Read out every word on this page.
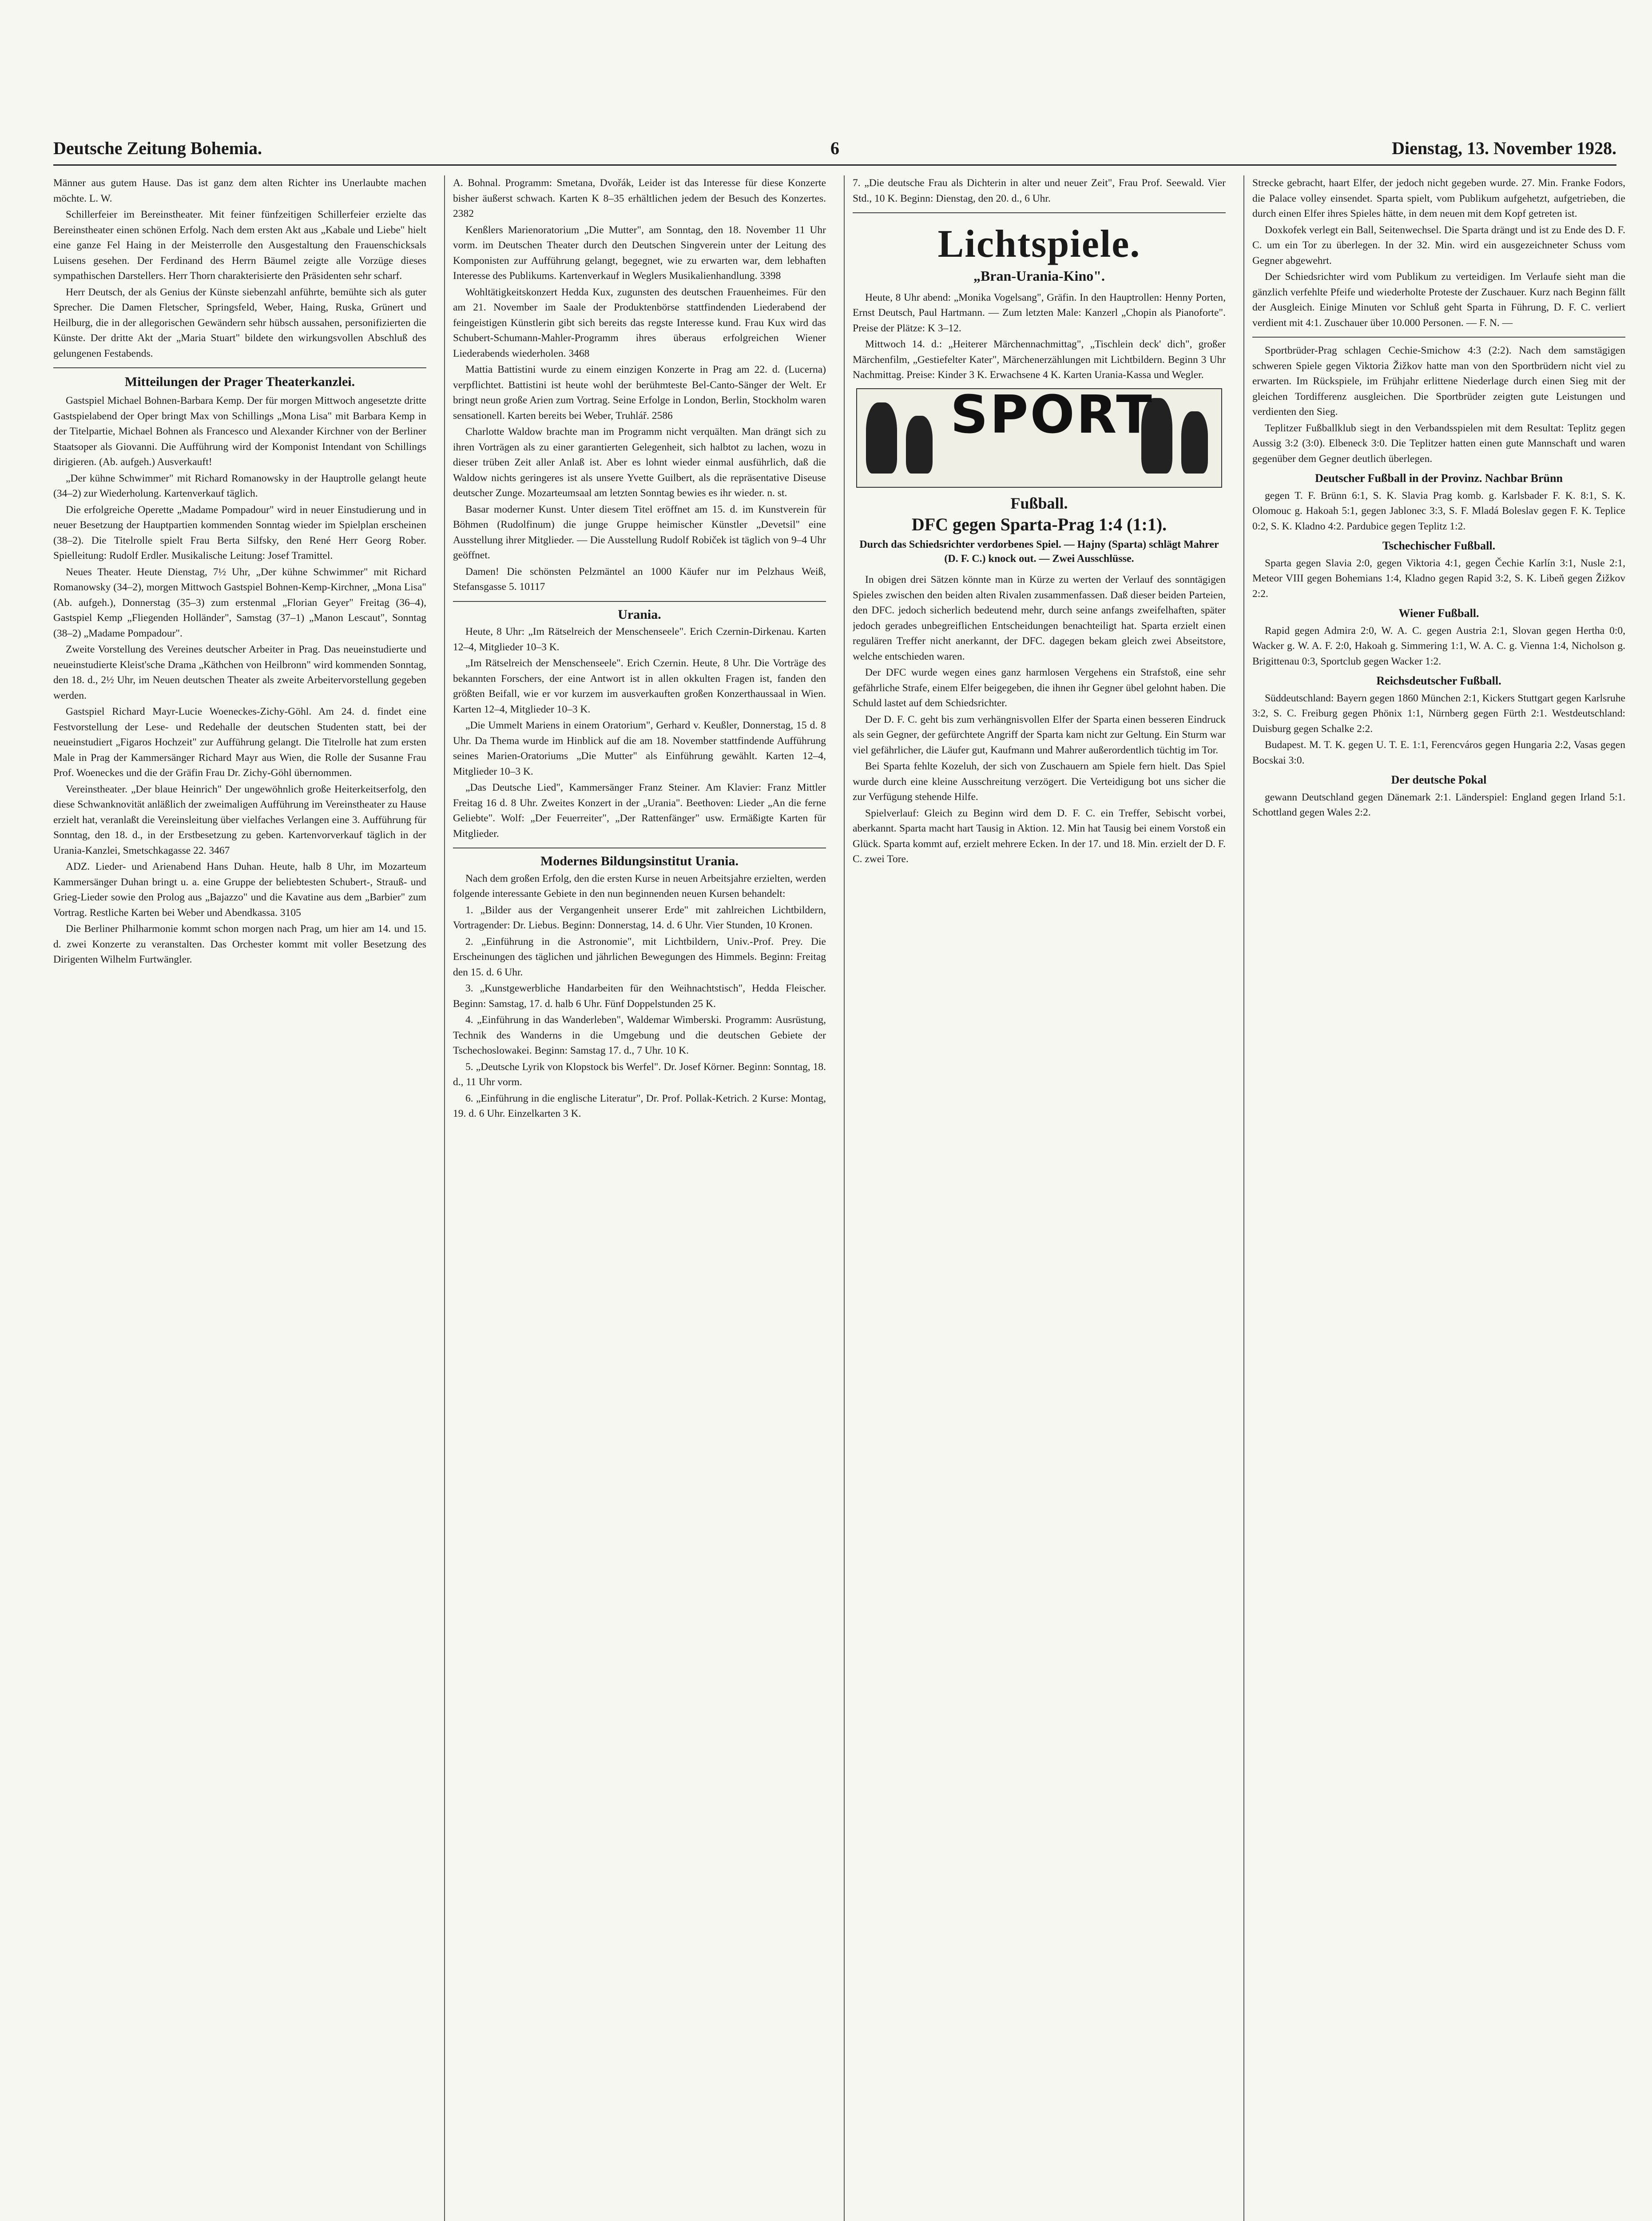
Deutsche Zeitung Bohemia.	6	Dienstag, 13. November 1928.

Männer aus gutem Hause. Das ist ganz dem alten Richter ins Unerlaubte machen möchte. L. W.

Schillerfeier im Bereinstheater. Mit feiner fünfzeitigen Schillerfeier erzielte das Bereinstheater einen schönen Erfolg. Nach dem ersten Akt aus „Kabale und Liebe" hielt eine ganze Fel Haing in der Meisterrolle den Ausgestaltung den Frauenschicksals Luisens gesehen. Der Ferdinand des Herrn Bäumel zeigte alle Vorzüge dieses sympathischen Darstellers. Herr Thorn charakterisierte den Präsidenten sehr scharf.

Herr Deutsch, der als Genius der Künste siebenzahl anführte, bemühte sich als guter Sprecher. Die Damen Fletscher, Springsfeld, Weber, Haing, Ruska, Grünert und Heilburg, die in der allegorischen Gewändern sehr hübsch aussahen, personifizierten die Künste. Der dritte Akt der „Maria Stuart" bildete den wirkungsvollen Abschluß des gelungenen Festabends.

Mitteilungen der Prager Theaterkanzlei.

Gastspiel Michael Bohnen-Barbara Kemp. Der für morgen Mittwoch angesetzte dritte Gastspielabend der Oper bringt Max von Schillings „Mona Lisa" mit Barbara Kemp in der Titelpartie, Michael Bohnen als Francesco und Alexander Kirchner von der Berliner Staatsoper als Giovanni. Die Aufführung wird der Komponist Intendant von Schillings dirigieren. (Ab. aufgeh.) Ausverkauft!

„Der kühne Schwimmer" mit Richard Romanowsky in der Hauptrolle gelangt heute (34–2) zur Wiederholung. Kartenverkauf täglich.

Die erfolgreiche Operette „Madame Pompadour" wird in neuer Einstudierung und in neuer Besetzung der Hauptpartien kommenden Sonntag wieder im Spielplan erscheinen (38–2). Die Titelrolle spielt Frau Berta Silfsky, den René Herr Georg Rober. Spielleitung: Rudolf Erdler. Musikalische Leitung: Josef Tramittel.

Neues Theater. Heute Dienstag, 7½ Uhr, „Der kühne Schwimmer" mit Richard Romanowsky (34–2), morgen Mittwoch Gastspiel Bohnen-Kemp-Kirchner, „Mona Lisa" (Ab. aufgeh.), Donnerstag (35–3) zum erstenmal „Florian Geyer" Freitag (36–4), Gastspiel Kemp „Fliegenden Holländer", Samstag (37–1) „Manon Lescaut", Sonntag (38–2) „Madame Pompadour".

Zweite Vorstellung des Vereines deutscher Arbeiter in Prag. Das neueinstudierte und neueinstudierte Kleist'sche Drama „Käthchen von Heilbronn" wird kommenden Sonntag, den 18. d., 2½ Uhr, im Neuen deutschen Theater als zweite Arbeitervorstellung gegeben werden.

Gastspiel Richard Mayr-Lucie Woeneckes-Zichy-Göhl. Am 24. d. findet eine Festvorstellung der Lese- und Redehalle der deutschen Studenten statt, bei der neueinstudiert „Figaros Hochzeit" zur Aufführung gelangt. Die Titelrolle hat zum ersten Male in Prag der Kammersänger Richard Mayr aus Wien, die Rolle der Susanne Frau Prof. Woeneckes und die der Gräfin Frau Dr. Zichy-Göhl übernommen.

Vereinstheater. „Der blaue Heinrich" Der ungewöhnlich große Heiterkeitserfolg, den diese Schwanknovität anläßlich der zweimaligen Aufführung im Vereinstheater zu Hause erzielt hat, veranlaßt die Vereinsleitung über vielfaches Verlangen eine 3. Aufführung für Sonntag, den 18. d., in der Erstbesetzung zu geben. Kartenvorverkauf täglich in der Urania-Kanzlei, Smetschkagasse 22. 3467

ADZ. Lieder- und Arienabend Hans Duhan. Heute, halb 8 Uhr, im Mozarteum Kammersänger Duhan bringt u. a. eine Gruppe der beliebtesten Schubert-, Strauß- und Grieg-Lieder sowie den Prolog aus „Bajazzo" und die Kavatine aus dem „Barbier" zum Vortrag. Restliche Karten bei Weber und Abendkassa. 3105

Die Berliner Philharmonie kommt schon morgen nach Prag, um hier am 14. und 15. d. zwei Konzerte zu veranstalten. Das Orchester kommt mit voller Besetzung des Dirigenten Wilhelm Furtwängler.

A. Bohnal. Programm: Smetana, Dvořák, Leider ist das Interesse für diese Konzerte bisher äußerst schwach. Karten K 8–35 erhältlichen jedem der Besuch des Konzertes. 2382

Kenßlers Marienoratorium „Die Mutter", am Sonntag, den 18. November 11 Uhr vorm. im Deutschen Theater durch den Deutschen Singverein unter der Leitung des Komponisten zur Aufführung gelangt, begegnet, wie zu erwarten war, dem lebhaften Interesse des Publikums. Kartenverkauf in Weglers Musikalienhandlung. 3398

Wohltätigkeitskonzert Hedda Kux, zugunsten des deutschen Frauenheimes. Für den am 21. November im Saale der Produktenbörse stattfindenden Liederabend der feingeistigen Künstlerin gibt sich bereits das regste Interesse kund. Frau Kux wird das Schubert-Schumann-Mahler-Programm ihres überaus erfolgreichen Wiener Liederabends wiederholen. 3468

Mattia Battistini wurde zu einem einzigen Konzerte in Prag am 22. d. (Lucerna) verpflichtet. Battistini ist heute wohl der berühmteste Bel-Canto-Sänger der Welt. Er bringt neun große Arien zum Vortrag. Seine Erfolge in London, Berlin, Stockholm waren sensationell. Karten bereits bei Weber, Truhlář. 2586

Charlotte Waldow brachte man im Programm nicht verquälten. Man drängt sich zu ihren Vorträgen als zu einer garantierten Gelegenheit, sich halbtot zu lachen, wozu in dieser trüben Zeit aller Anlaß ist. Aber es lohnt wieder einmal ausführlich, daß die Waldow nichts geringeres ist als unsere Yvette Guilbert, als die repräsentative Diseuse deutscher Zunge. Mozarteumsaal am letzten Sonntag bewies es ihr wieder. n. st.

Basar moderner Kunst. Unter diesem Titel eröffnet am 15. d. im Kunstverein für Böhmen (Rudolfinum) die junge Gruppe heimischer Künstler „Devetsil" eine Ausstellung ihrer Mitglieder. — Die Ausstellung Rudolf Robiček ist täglich von 9–4 Uhr geöffnet.

Damen! Die schönsten Pelzmäntel an 1000 Käufer nur im Pelzhaus Weiß, Stefansgasse 5. 10117

Urania.

Heute, 8 Uhr: „Im Rätselreich der Menschenseele". Erich Czernin-Dirkenau. Karten 12–4, Mitglieder 10–3 K.

„Im Rätselreich der Menschenseele". Erich Czernin. Heute, 8 Uhr. Die Vorträge des bekannten Forschers, der eine Antwort ist in allen okkulten Fragen ist, fanden den größten Beifall, wie er vor kurzem im ausverkauften großen Konzerthaussaal in Wien. Karten 12–4, Mitglieder 10–3 K.

„Die Ummelt Mariens in einem Oratorium", Gerhard v. Keußler, Donnerstag, 15 d. 8 Uhr. Da Thema wurde im Hinblick auf die am 18. November stattfindende Aufführung seines Marien-Oratoriums „Die Mutter" als Einführung gewählt. Karten 12–4, Mitglieder 10–3 K.

„Das Deutsche Lied", Kammersänger Franz Steiner. Am Klavier: Franz Mittler Freitag 16 d. 8 Uhr. Zweites Konzert in der „Urania". Beethoven: Lieder „An die ferne Geliebte". Wolf: „Der Feuerreiter", „Der Rattenfänger" usw. Ermäßigte Karten für Mitglieder.

Modernes Bildungsinstitut Urania.

Nach dem großen Erfolg, den die ersten Kurse in neuen Arbeitsjahre erzielten, werden folgende interessante Gebiete in den nun beginnenden neuen Kursen behandelt:

1. „Bilder aus der Vergangenheit unserer Erde" mit zahlreichen Lichtbildern, Vortragender: Dr. Liebus. Beginn: Donnerstag, 14. d. 6 Uhr. Vier Stunden, 10 Kronen.

2. „Einführung in die Astronomie", mit Lichtbildern, Univ.-Prof. Prey. Die Erscheinungen des täglichen und jährlichen Bewegungen des Himmels. Beginn: Freitag den 15. d. 6 Uhr.

3. „Kunstgewerbliche Handarbeiten für den Weihnachtstisch", Hedda Fleischer. Beginn: Samstag, 17. d. halb 6 Uhr. Fünf Doppelstunden 25 K.

4. „Einführung in das Wanderleben", Waldemar Wimberski. Programm: Ausrüstung, Technik des Wanderns in die Umgebung und die deutschen Gebiete der Tschechoslowakei. Beginn: Samstag 17. d., 7 Uhr. 10 K.

5. „Deutsche Lyrik von Klopstock bis Werfel". Dr. Josef Körner. Beginn: Sonntag, 18. d., 11 Uhr vorm.

6. „Einführung in die englische Literatur", Dr. Prof. Pollak-Ketrich. 2 Kurse: Montag, 19. d. 6 Uhr. Einzelkarten 3 K.

7. „Die deutsche Frau als Dichterin in alter und neuer Zeit", Frau Prof. Seewald. Vier Std., 10 K. Beginn: Dienstag, den 20. d., 6 Uhr.

Lichtspiele.
„Bran-Urania-Kino".

Heute, 8 Uhr abend: „Monika Vogelsang", Gräfin. In den Hauptrollen: Henny Porten, Ernst Deutsch, Paul Hartmann. — Zum letzten Male: Kanzerl „Chopin als Pianoforte". Preise der Plätze: K 3–12.

Mittwoch 14. d.: „Heiterer Märchennachmittag", „Tischlein deck' dich", großer Märchenfilm, „Gestiefelter Kater", Märchenerzählungen mit Lichtbildern. Beginn 3 Uhr Nachmittag. Preise: Kinder 3 K. Erwachsene 4 K. Karten Urania-Kassa und Wegler.

SPORT
Fußball.
DFC gegen Sparta-Prag 1:4 (1:1).
Durch das Schiedsrichter verdorbenes Spiel. — Hajny (Sparta) schlägt Mahrer (D. F. C.) knock out. — Zwei Ausschlüsse.

In obigen drei Sätzen könnte man in Kürze zu werten der Verlauf des sonntägigen Spieles zwischen den beiden alten Rivalen zusammenfassen. Daß dieser beiden Parteien, den DFC. jedoch sicherlich bedeutend mehr, durch seine anfangs zweifelhaften, später jedoch gerades unbegreiflichen Entscheidungen benachteiligt hat. Sparta erzielt einen regulären Treffer nicht anerkannt, der DFC. dagegen bekam gleich zwei Abseitstore, welche entschieden waren.

Der DFC wurde wegen eines ganz harmlosen Vergehens ein Strafstoß, eine sehr gefährliche Strafe, einem Elfer beigegeben, die ihnen ihr Gegner übel gelohnt haben. Die Schuld lastet auf dem Schiedsrichter.

Der D. F. C. geht bis zum verhängnisvollen Elfer der Sparta einen besseren Eindruck als sein Gegner, der gefürchtete Angriff der Sparta kam nicht zur Geltung. Ein Sturm war viel gefährlicher, die Läufer gut, Kaufmann und Mahrer außerordentlich tüchtig im Tor.

Bei Sparta fehlte Kozeluh, der sich von Zuschauern am Spiele fern hielt. Das Spiel wurde durch eine kleine Ausschreitung verzögert. Die Verteidigung bot uns sicher die zur Verfügung stehende Hilfe.

Spielverlauf: Gleich zu Beginn wird dem D. F. C. ein Treffer, Sebischt vorbei, aberkannt. Sparta macht hart Tausig in Aktion. 12. Min hat Tausig bei einem Vorstoß ein Glück. Sparta kommt auf, erzielt mehrere Ecken. In der 17. und 18. Min. erzielt der D. F. C. zwei Tore.

Strecke gebracht, haart Elfer, der jedoch nicht gegeben wurde. 27. Min. Franke Fodors, die Palace volley einsendet. Sparta spielt, vom Publikum aufgehetzt, aufgetrieben, die durch einen Elfer ihres Spieles hätte, in dem neuen mit dem Kopf getreten ist.

Doxkofek verlegt ein Ball, Seitenwechsel. Die Sparta drängt und ist zu Ende des D. F. C. um ein Tor zu überlegen. In der 32. Min. wird ein ausgezeichneter Schuss vom Gegner abgewehrt.

Der Schiedsrichter wird vom Publikum zu verteidigen. Im Verlaufe sieht man die gänzlich verfehlte Pfeife und wiederholte Proteste der Zuschauer. Kurz nach Beginn fällt der Ausgleich. Einige Minuten vor Schluß geht Sparta in Führung, D. F. C. verliert verdient mit 4:1. Zuschauer über 10.000 Personen. — F. N. —

Sportbrüder-Prag schlagen Cechie-Smichow 4:3 (2:2). Nach dem samstägigen schweren Spiele gegen Viktoria Žižkov hatte man von den Sportbrüdern nicht viel zu erwarten. Im Rückspiele, im Frühjahr erlittene Niederlage durch einen Sieg mit der gleichen Tordifferenz ausgleichen. Die Sportbrüder zeigten gute Leistungen und verdienten den Sieg.

Teplitzer Fußballklub siegt in den Verbandsspielen mit dem Resultat: Teplitz gegen Aussig 3:2 (3:0). Elbeneck 3:0. Die Teplitzer hatten einen gute Mannschaft und waren gegenüber dem Gegner deutlich überlegen.

Deutscher Fußball in der Provinz. Nachbar Brünn

gegen T. F. Brünn 6:1, S. K. Slavia Prag komb. g. Karlsbader F. K. 8:1, S. K. Olomouc g. Hakoah 5:1, gegen Jablonec 3:3, S. F. Mladá Boleslav gegen F. K. Teplice 0:2, S. K. Kladno 4:2. Pardubice gegen Teplitz 1:2.

Tschechischer Fußball.

Sparta gegen Slavia 2:0, gegen Viktoria 4:1, gegen Čechie Karlín 3:1, Nusle 2:1, Meteor VIII gegen Bohemians 1:4, Kladno gegen Rapid 3:2, S. K. Libeň gegen Žižkov 2:2.

Wiener Fußball.

Rapid gegen Admira 2:0, W. A. C. gegen Austria 2:1, Slovan gegen Hertha 0:0, Wacker g. W. A. F. 2:0, Hakoah g. Simmering 1:1, W. A. C. g. Vienna 1:4, Nicholson g. Brigittenau 0:3, Sportclub gegen Wacker 1:2.

Reichsdeutscher Fußball.

Süddeutschland: Bayern gegen 1860 München 2:1, Kickers Stuttgart gegen Karlsruhe 3:2, S. C. Freiburg gegen Phönix 1:1, Nürnberg gegen Fürth 2:1. Westdeutschland: Duisburg gegen Schalke 2:2.

Budapest. M. T. K. gegen U. T. E. 1:1, Ferencváros gegen Hungaria 2:2, Vasas gegen Bocskai 3:0.

Der deutsche Pokal

gewann Deutschland gegen Dänemark 2:1. Länderspiel: England gegen Irland 5:1. Schottland gegen Wales 2:2.
